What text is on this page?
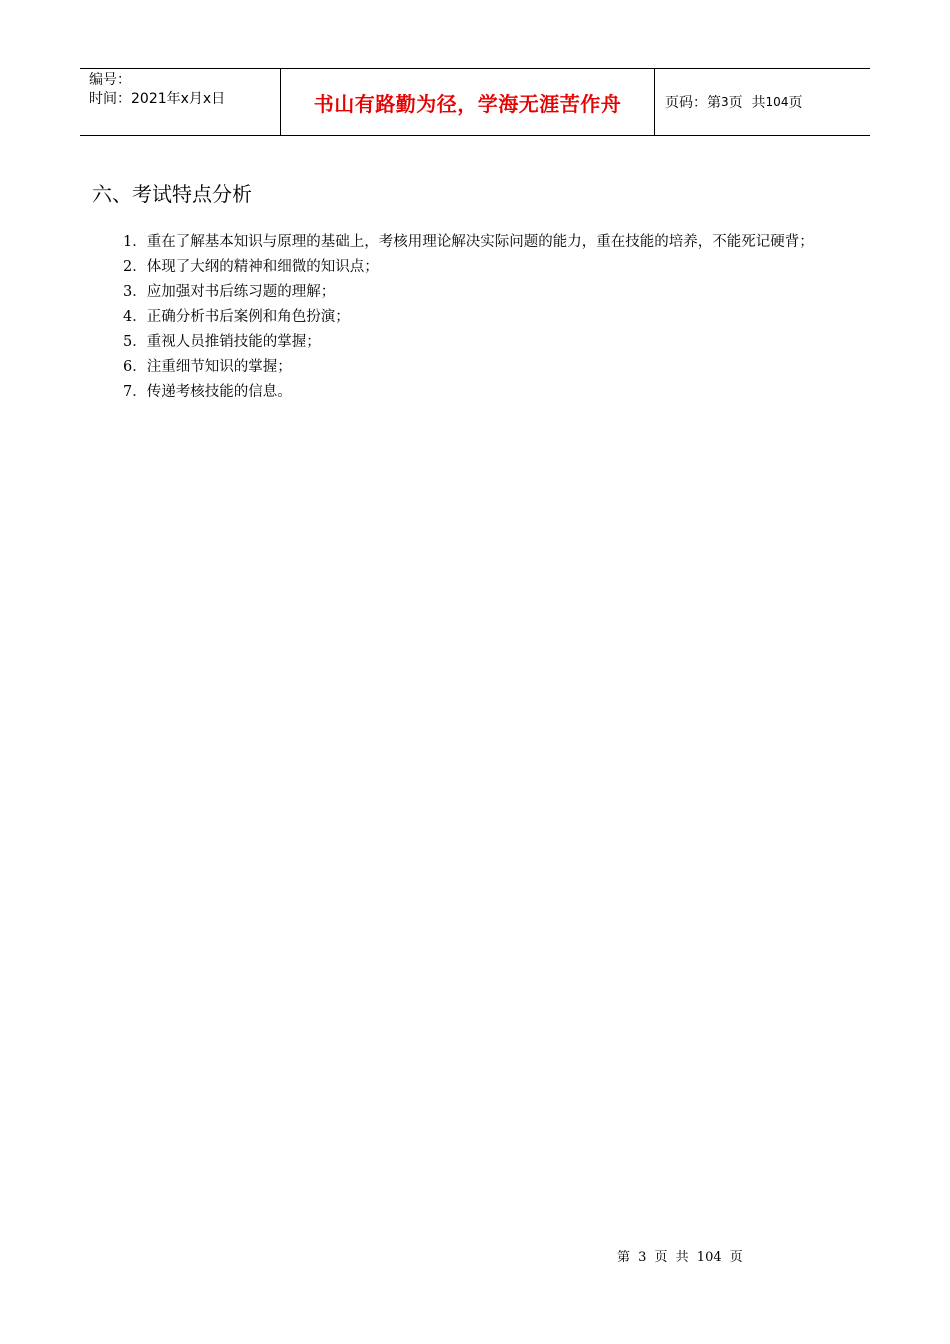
编号：
时间：2021年x月x日	书山有路勤为径，学海无涯苦作舟	页码：第 3 页  共 104 页
六、考试特点分析

1．重在了解基本知识与原理的基础上，考核用理论解决实际问题的能力，重在技能的培养，不能死记硬背；

2．体现了大纲的精神和细微的知识点；

3．应加强对书后练习题的理解；

4．正确分析书后案例和角色扮演；

5．重视人员推销技能的掌握；

6．注重细节知识的掌握；

7．传递考核技能的信息。

第 3 页 共 104 页
